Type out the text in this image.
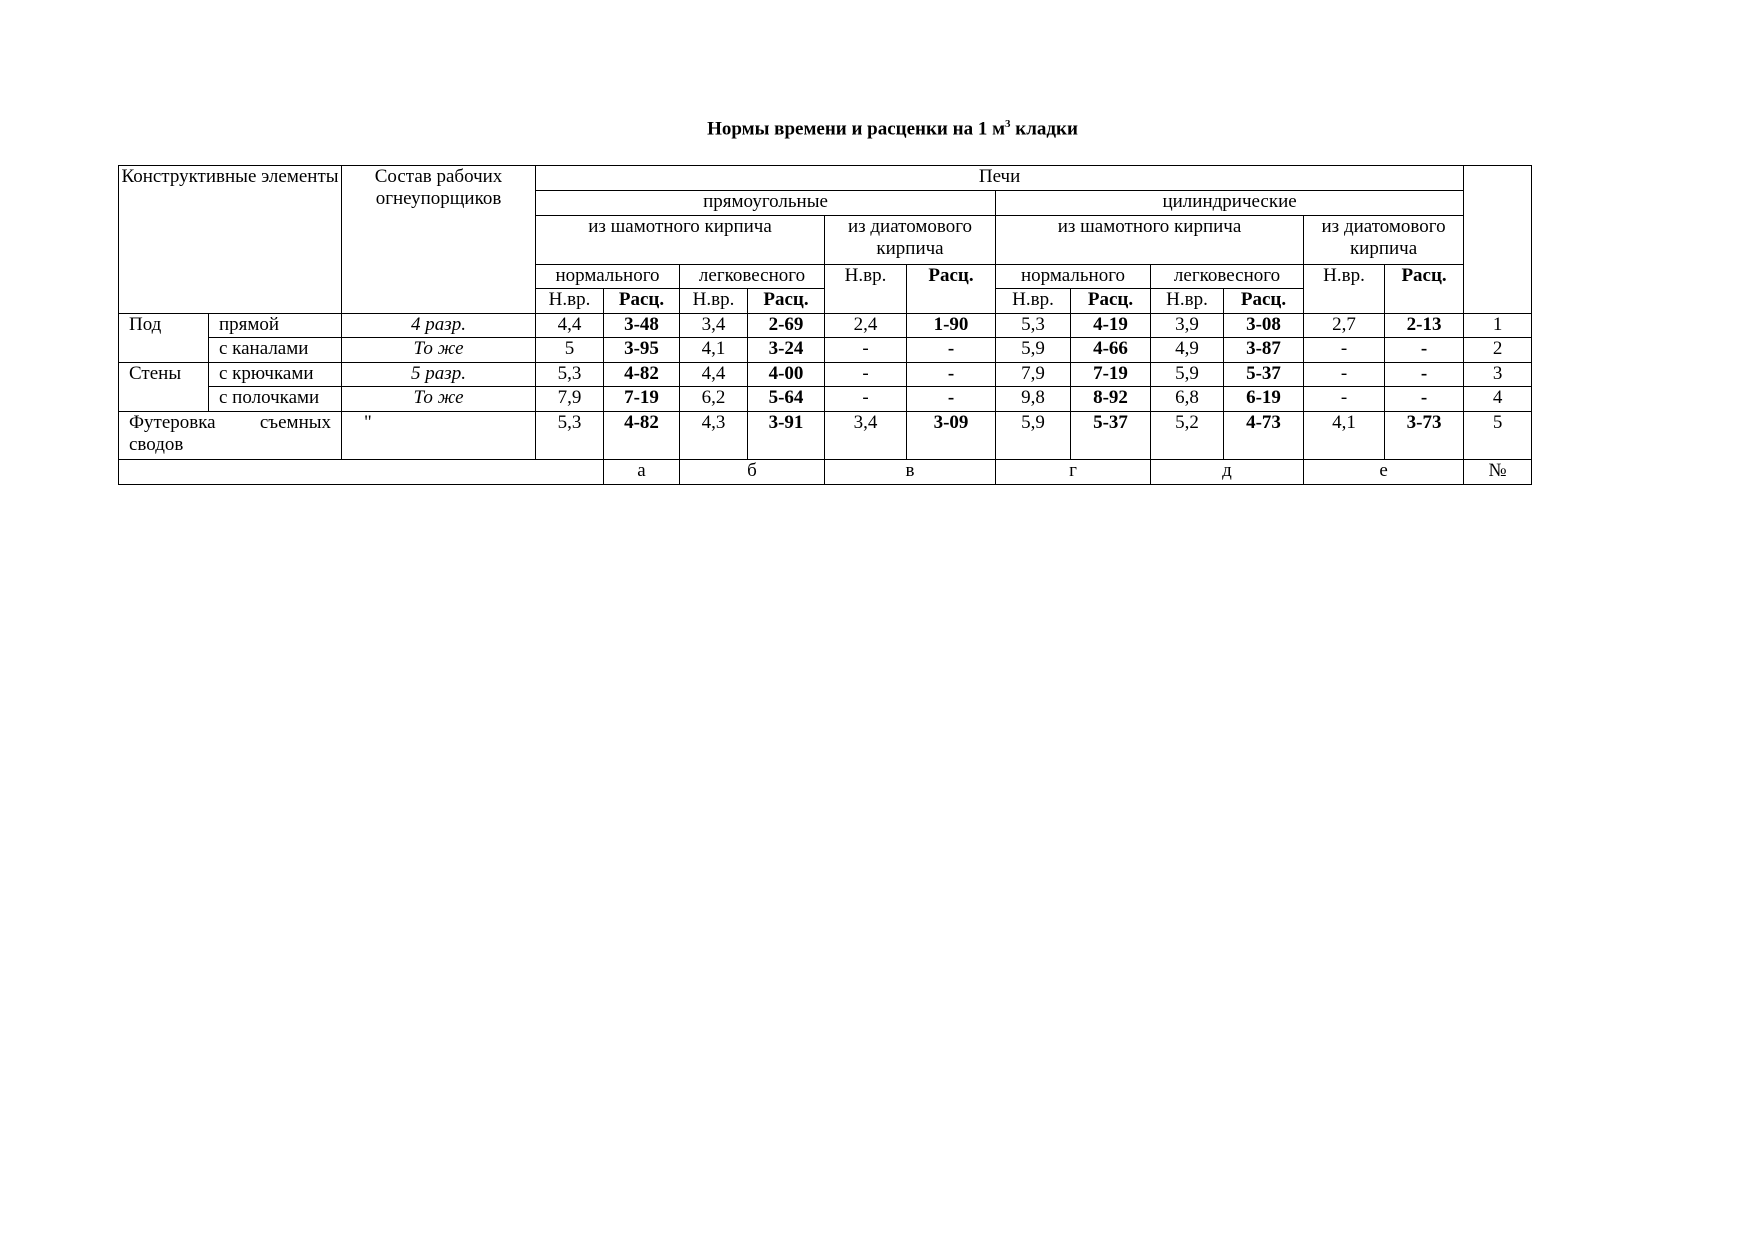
Нормы времени и расценки на 1 $м^3$ кладки
Конструктивные элементы		Состав рабочих огнеупорщиков	Печи												
			прямоугольные						цилиндрические						
			из шамотного кирпича				из диатомового кирпича		из шамотного кирпича				из диатомового кирпича		
			нормального		легковесного		Н.вр.	Расц.	нормального		легковесного		Н.вр.	Расц.	
			Н.вр.	Расц.	Н.вр.	Расц.			Н.вр.	Расц.	Н.вр.	Расц.			
Под	прямой	4 разр.	4,4	3-48	3,4	2-69	2,4	1-90	5,3	4-19	3,9	3-08	2,7	2-13	1
	с каналами	То же	5	3-95	4,1	3-24	-	-	5,9	4-66	4,9	3-87	-	-	2
Стены	с крючками	5 разр.	5,3	4-82	4,4	4-00	-	-	7,9	7-19	5,9	5-37	-	-	3
	с полочками	То же	7,9	7-19	6,2	5-64	-	-	9,8	8-92	6,8	6-19	-	-	4

Футеровка съемных
сводов		"	5,3	4-82	4,3	3-91	3,4	3-09	5,9	5-37	5,2	4-73	4,1	3-73	5
				а	б		в		г		д		е		№
